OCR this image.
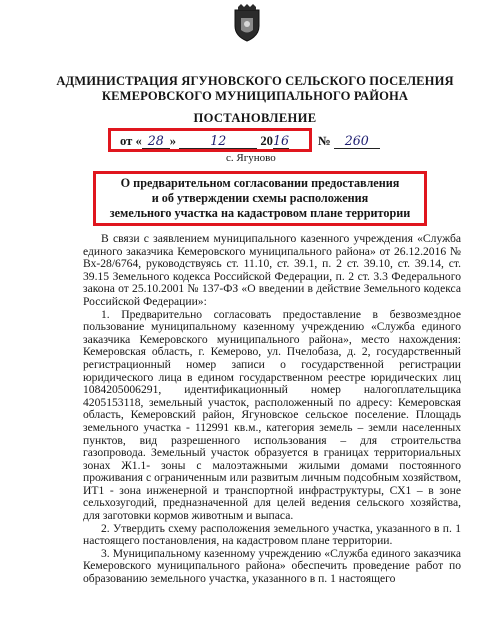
АДМИНИСТРАЦИЯ ЯГУНОВСКОГО СЕЛЬСКОГО ПОСЕЛЕНИЯ
КЕМЕРОВСКОГО МУНИЦИПАЛЬНОГО РАЙОНА
ПОСТАНОВЛЕНИЕ
от « 28 »	12	2016 № 260
с. Ягуново
О предварительном согласовании предоставления
и об утверждении схемы расположения
земельного участка на кадастровом плане территории

В связи с заявлением муниципального казенного учреждения «Служба единого заказчика Кемеровского муниципального района» от 26.12.2016 № Вх-28/6764, руководствуясь ст. 11.10, ст. 39.1, п. 2 ст. 39.10, ст. 39.14, ст. 39.15 Земельного кодекса Российской Федерации, п. 2 ст. 3.3 Федерального закона от 25.10.2001 № 137-ФЗ «О введении в действие Земельного кодекса Российской Федерации»:

1. Предварительно согласовать предоставление в безвозмездное пользование муниципальному казенному учреждению «Служба единого заказчика Кемеровского муниципального района», место нахождения: Кемеровская область, г. Кемерово, ул. Пчелобаза, д. 2, государственный регистрационный номер записи о государственной регистрации юридического лица в едином государственном реестре юридических лиц 1084205006291, идентификационный номер налогоплательщика 4205153118, земельный участок, расположенный по адресу: Кемеровская область, Кемеровский район, Ягуновское сельское поселение. Площадь земельного участка - 112991 кв.м., категория земель – земли населенных пунктов, вид разрешенного использования – для строительства газопровода. Земельный участок образуется в границах территориальных зонах Ж1.1- зоны с малоэтажными жилыми домами постоянного проживания с ограниченным или развитым личным подсобным хозяйством, ИТ1 - зона инженерной и транспортной инфраструктуры, СХ1 – в зоне сельхозугодий, предназначенной для целей ведения сельского хозяйства, для заготовки кормов животным и выпаса.

2. Утвердить схему расположения земельного участка, указанного в п. 1 настоящего постановления, на кадастровом плане территории.

3. Муниципальному казенному учреждению «Служба единого заказчика Кемеровского муниципального района» обеспечить проведение работ по образованию земельного участка, указанного в п. 1 настоящего
